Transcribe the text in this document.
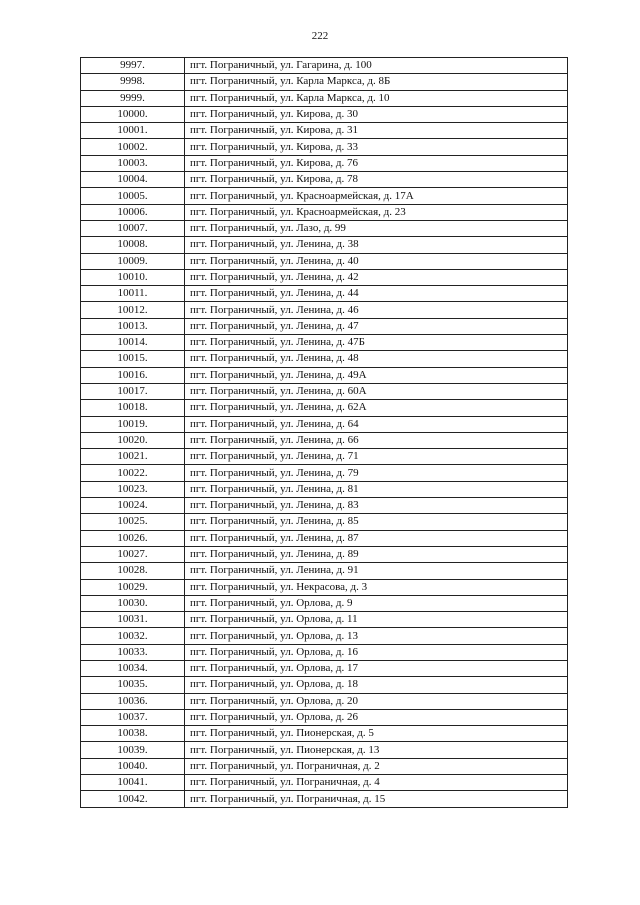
222
9997.	пгт. Пограничный, ул. Гагарина, д. 100
9998.	пгт. Пограничный, ул. Карла Маркса, д. 8Б
9999.	пгт. Пограничный, ул. Карла Маркса, д. 10
10000.	пгт. Пограничный, ул. Кирова, д. 30
10001.	пгт. Пограничный, ул. Кирова, д. 31
10002.	пгт. Пограничный, ул. Кирова, д. 33
10003.	пгт. Пограничный, ул. Кирова, д. 76
10004.	пгт. Пограничный, ул. Кирова, д. 78
10005.	пгт. Пограничный, ул. Красноармейская, д. 17А
10006.	пгт. Пограничный, ул. Красноармейская, д. 23
10007.	пгт. Пограничный, ул. Лазо, д. 99
10008.	пгт. Пограничный, ул. Ленина, д. 38
10009.	пгт. Пограничный, ул. Ленина, д. 40
10010.	пгт. Пограничный, ул. Ленина, д. 42
10011.	пгт. Пограничный, ул. Ленина, д. 44
10012.	пгт. Пограничный, ул. Ленина, д. 46
10013.	пгт. Пограничный, ул. Ленина, д. 47
10014.	пгт. Пограничный, ул. Ленина, д. 47Б
10015.	пгт. Пограничный, ул. Ленина, д. 48
10016.	пгт. Пограничный, ул. Ленина, д. 49А
10017.	пгт. Пограничный, ул. Ленина, д. 60А
10018.	пгт. Пограничный, ул. Ленина, д. 62А
10019.	пгт. Пограничный, ул. Ленина, д. 64
10020.	пгт. Пограничный, ул. Ленина, д. 66
10021.	пгт. Пограничный, ул. Ленина, д. 71
10022.	пгт. Пограничный, ул. Ленина, д. 79
10023.	пгт. Пограничный, ул. Ленина, д. 81
10024.	пгт. Пограничный, ул. Ленина, д. 83
10025.	пгт. Пограничный, ул. Ленина, д. 85
10026.	пгт. Пограничный, ул. Ленина, д. 87
10027.	пгт. Пограничный, ул. Ленина, д. 89
10028.	пгт. Пограничный, ул. Ленина, д. 91
10029.	пгт. Пограничный, ул. Некрасова, д. 3
10030.	пгт. Пограничный, ул. Орлова, д. 9
10031.	пгт. Пограничный, ул. Орлова, д. 11
10032.	пгт. Пограничный, ул. Орлова, д. 13
10033.	пгт. Пограничный, ул. Орлова, д. 16
10034.	пгт. Пограничный, ул. Орлова, д. 17
10035.	пгт. Пограничный, ул. Орлова, д. 18
10036.	пгт. Пограничный, ул. Орлова, д. 20
10037.	пгт. Пограничный, ул. Орлова, д. 26
10038.	пгт. Пограничный, ул. Пионерская, д. 5
10039.	пгт. Пограничный, ул. Пионерская, д. 13
10040.	пгт. Пограничный, ул. Пограничная, д. 2
10041.	пгт. Пограничный, ул. Пограничная, д. 4
10042.	пгт. Пограничный, ул. Пограничная, д. 15
